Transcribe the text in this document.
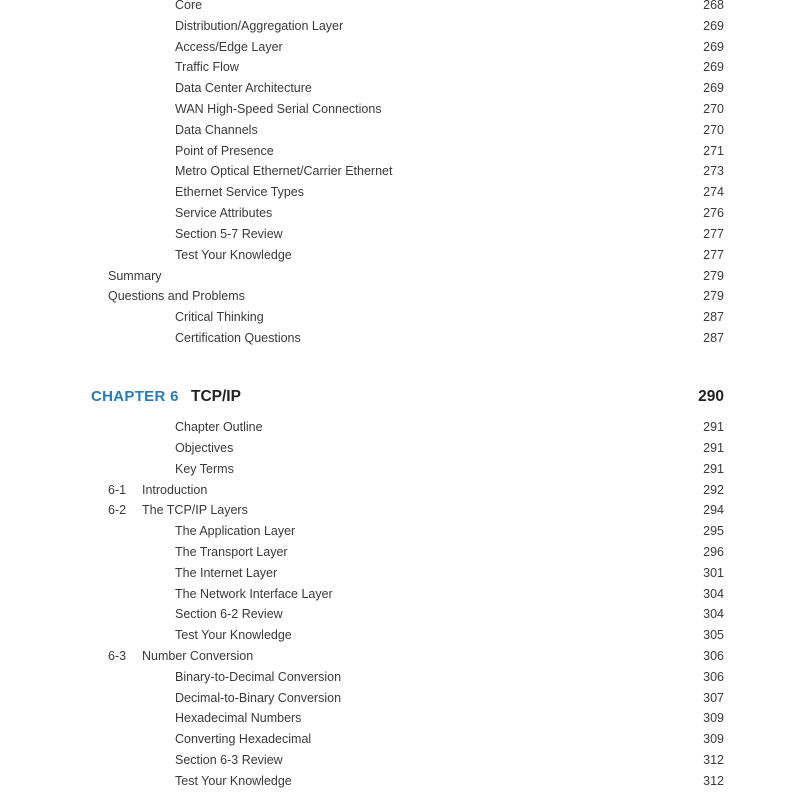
Core	268
Distribution/Aggregation Layer	269
Access/Edge Layer	269
Traffic Flow	269
Data Center Architecture	269
WAN High-Speed Serial Connections	270
Data Channels	270
Point of Presence	271
Metro Optical Ethernet/Carrier Ethernet	273
Ethernet Service Types	274
Service Attributes	276
Section 5-7 Review	277
Test Your Knowledge	277
Summary	279
Questions and Problems	279
Critical Thinking	287
Certification Questions	287
CHAPTER 6 TCP/IP	290
Chapter Outline	291
Objectives	291
Key Terms	291
6-1 Introduction	292
6-2 The TCP/IP Layers	294
The Application Layer	295
The Transport Layer	296
The Internet Layer	301
The Network Interface Layer	304
Section 6-2 Review	304
Test Your Knowledge	305
6-3 Number Conversion	306
Binary-to-Decimal Conversion	306
Decimal-to-Binary Conversion	307
Hexadecimal Numbers	309
Converting Hexadecimal	309
Section 6-3 Review	312
Test Your Knowledge	312
